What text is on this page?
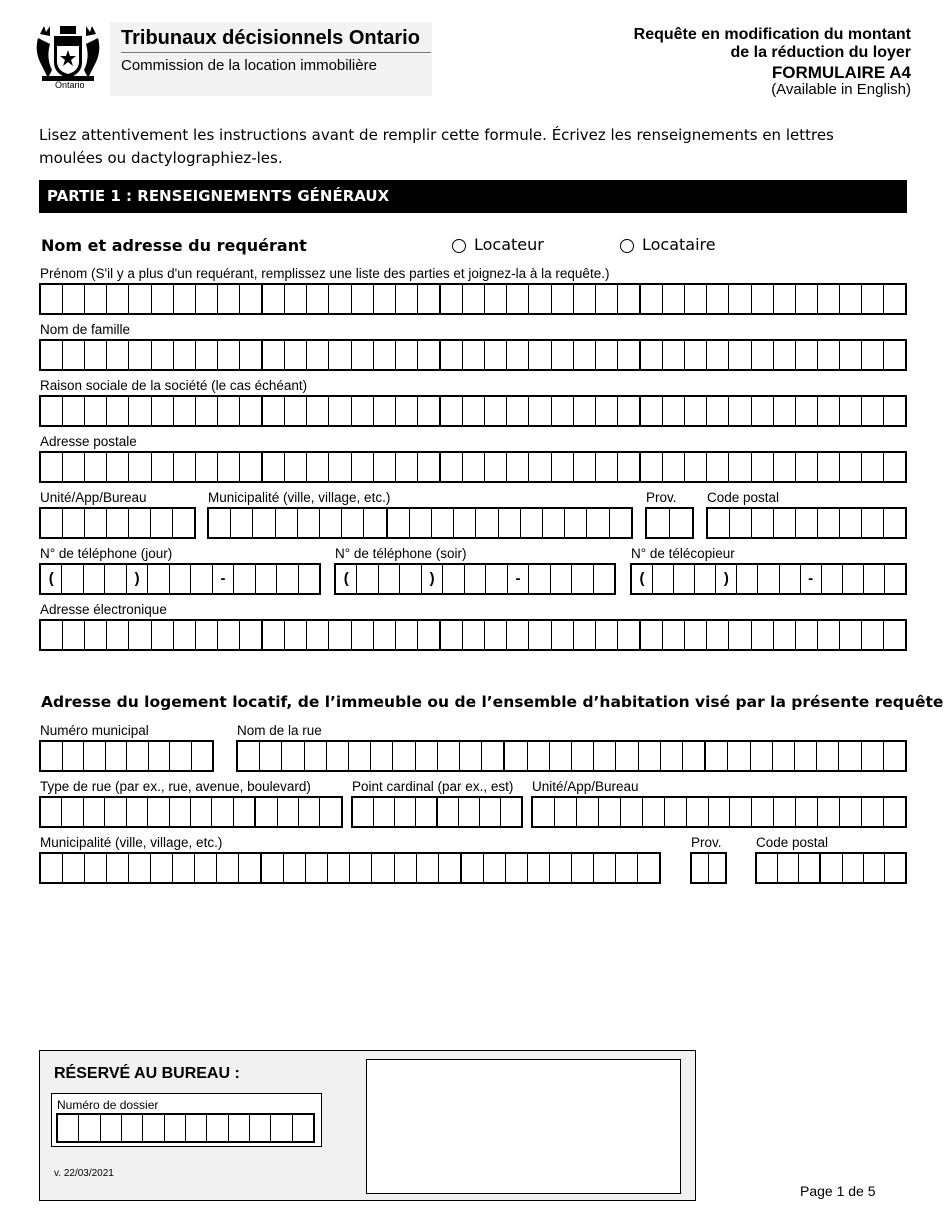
Ontario
Tribunaux décisionnels Ontario
Commission de la location immobilière
Requête en modification du montant
de la réduction du loyer
FORMULAIRE A4
(Available in English)
Lisez attentivement les instructions avant de remplir cette formule. Écrivez les renseignements en lettres
moulées ou dactylographiez-les.
PARTIE 1 : RENSEIGNEMENTS GÉNÉRAUX
Nom et adresse du requérant	Locateur	Locataire
Prénom (S'il y a plus d'un requérant, remplissez une liste des parties et joignez-la à la requête.)
Nom de famille
Raison sociale de la société (le cas échéant)
Adresse postale
Unité/App/Bureau	Municipalité (ville, village, etc.)	Prov. Code postal
N° de téléphone (jour)
(	)	-
N° de téléphone (soir)
(	)	-
N° de télécopieur
(	)	-
Adresse électronique
Adresse du logement locatif, de l’immeuble ou de l’ensemble d’habitation visé par la présente requête
Numéro municipal	Nom de la rue
Type de rue (par ex., rue, avenue, boulevard)	Point cardinal (par ex., est) Unité/App/Bureau
Municipalité (ville, village, etc.)	Prov.	Code postal
RÉSERVÉ AU BUREAU :
Numéro de dossier
v. 22/03/2021
Page 1 de 5
